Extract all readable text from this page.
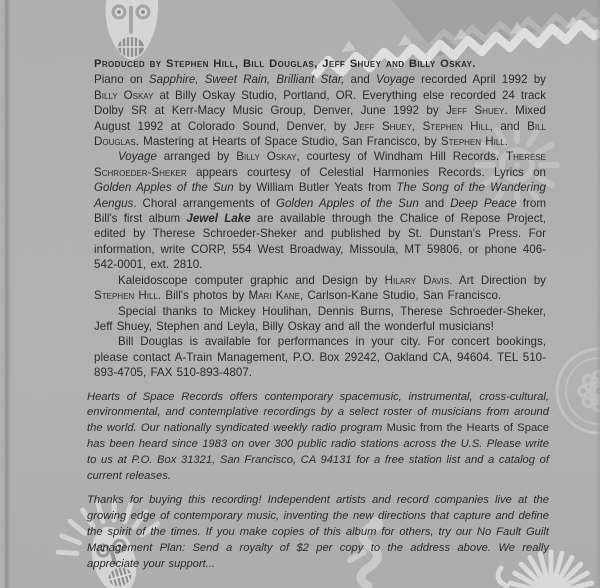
Produced by Stephen Hill, Bill Douglas, Jeff Shuey and Billy Oskay.

Piano on Sapphire, Sweet Rain, Brilliant Star, and Voyage recorded April 1992 by Billy Oskay at Billy Oskay Studio, Portland, OR. Everything else recorded 24 track Dolby SR at Kerr-Macy Music Group, Denver, June 1992 by Jeff Shuey. Mixed August 1992 at Colorado Sound, Denver, by Jeff Shuey, Stephen Hill, and Bill Douglas. Mastering at Hearts of Space Studio, San Francisco, by Stephen Hill.

Voyage arranged by Billy Oskay, courtesy of Windham Hill Records. Therese Schroeder-Sheker appears courtesy of Celestial Harmonies Records. Lyrics on Golden Apples of the Sun by William Butler Yeats from The Song of the Wandering Aengus. Choral arrangements of Golden Apples of the Sun and Deep Peace from Bill's first album Jewel Lake are available through the Chalice of Repose Project, edited by Therese Schroeder-Sheker and published by St. Dunstan's Press. For information, write CORP, 554 West Broadway, Missoula, MT 59806, or phone 406-542-0001, ext. 2810.

Kaleidoscope computer graphic and Design by Hilary Davis. Art Direction by Stephen Hill. Bill's photos by Mari Kane, Carlson-Kane Studio, San Francisco.

Special thanks to Mickey Houlihan, Dennis Burns, Therese Schroeder-Sheker, Jeff Shuey, Stephen and Leyla, Billy Oskay and all the wonderful musicians!

Bill Douglas is available for performances in your city. For concert bookings, please contact A-Train Management, P.O. Box 29242, Oakland CA, 94604. TEL 510-893-4705, FAX 510-893-4807.

Hearts of Space Records offers contemporary spacemusic, instrumental, cross-cultural, environmental, and contemplative recordings by a select roster of musicians from around the world. Our nationally syndicated weekly radio program Music from the Hearts of Space has been heard since 1983 on over 300 public radio stations across the U.S. Please write to us at P.O. Box 31321, San Francisco, CA 94131 for a free station list and a catalog of current releases.

Thanks for buying this recording! Independent artists and record companies live at the growing edge of contemporary music, inventing the new directions that capture and define the spirit of the times. If you make copies of this album for others, try our No Fault Guilt Management Plan: Send a royalty of $2 per copy to the address above. We really appreciate your support...
